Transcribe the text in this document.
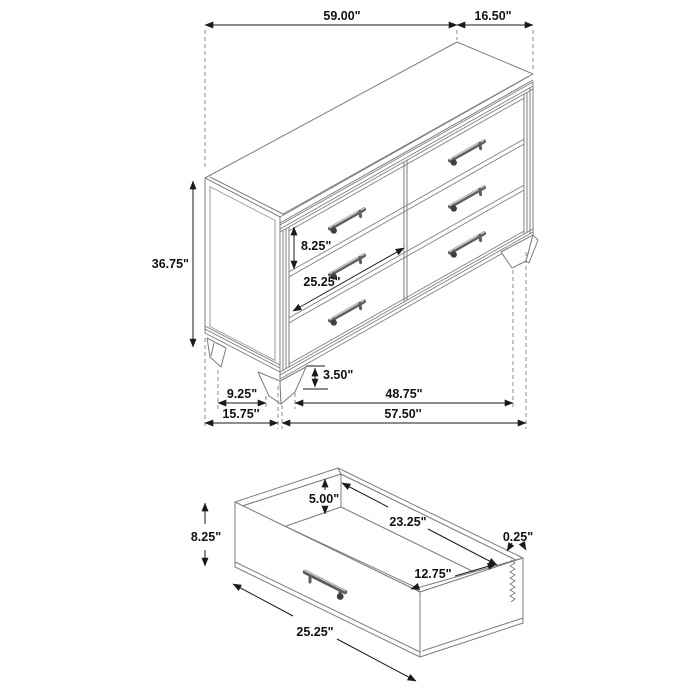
59.00"	16.50"
36.75"
8.25"
25.25"
3.50"
9.25"	48.75"
15.75''	57.50''
8.25"
5.00"
23.25"
0.25"
12.75"
25.25"
